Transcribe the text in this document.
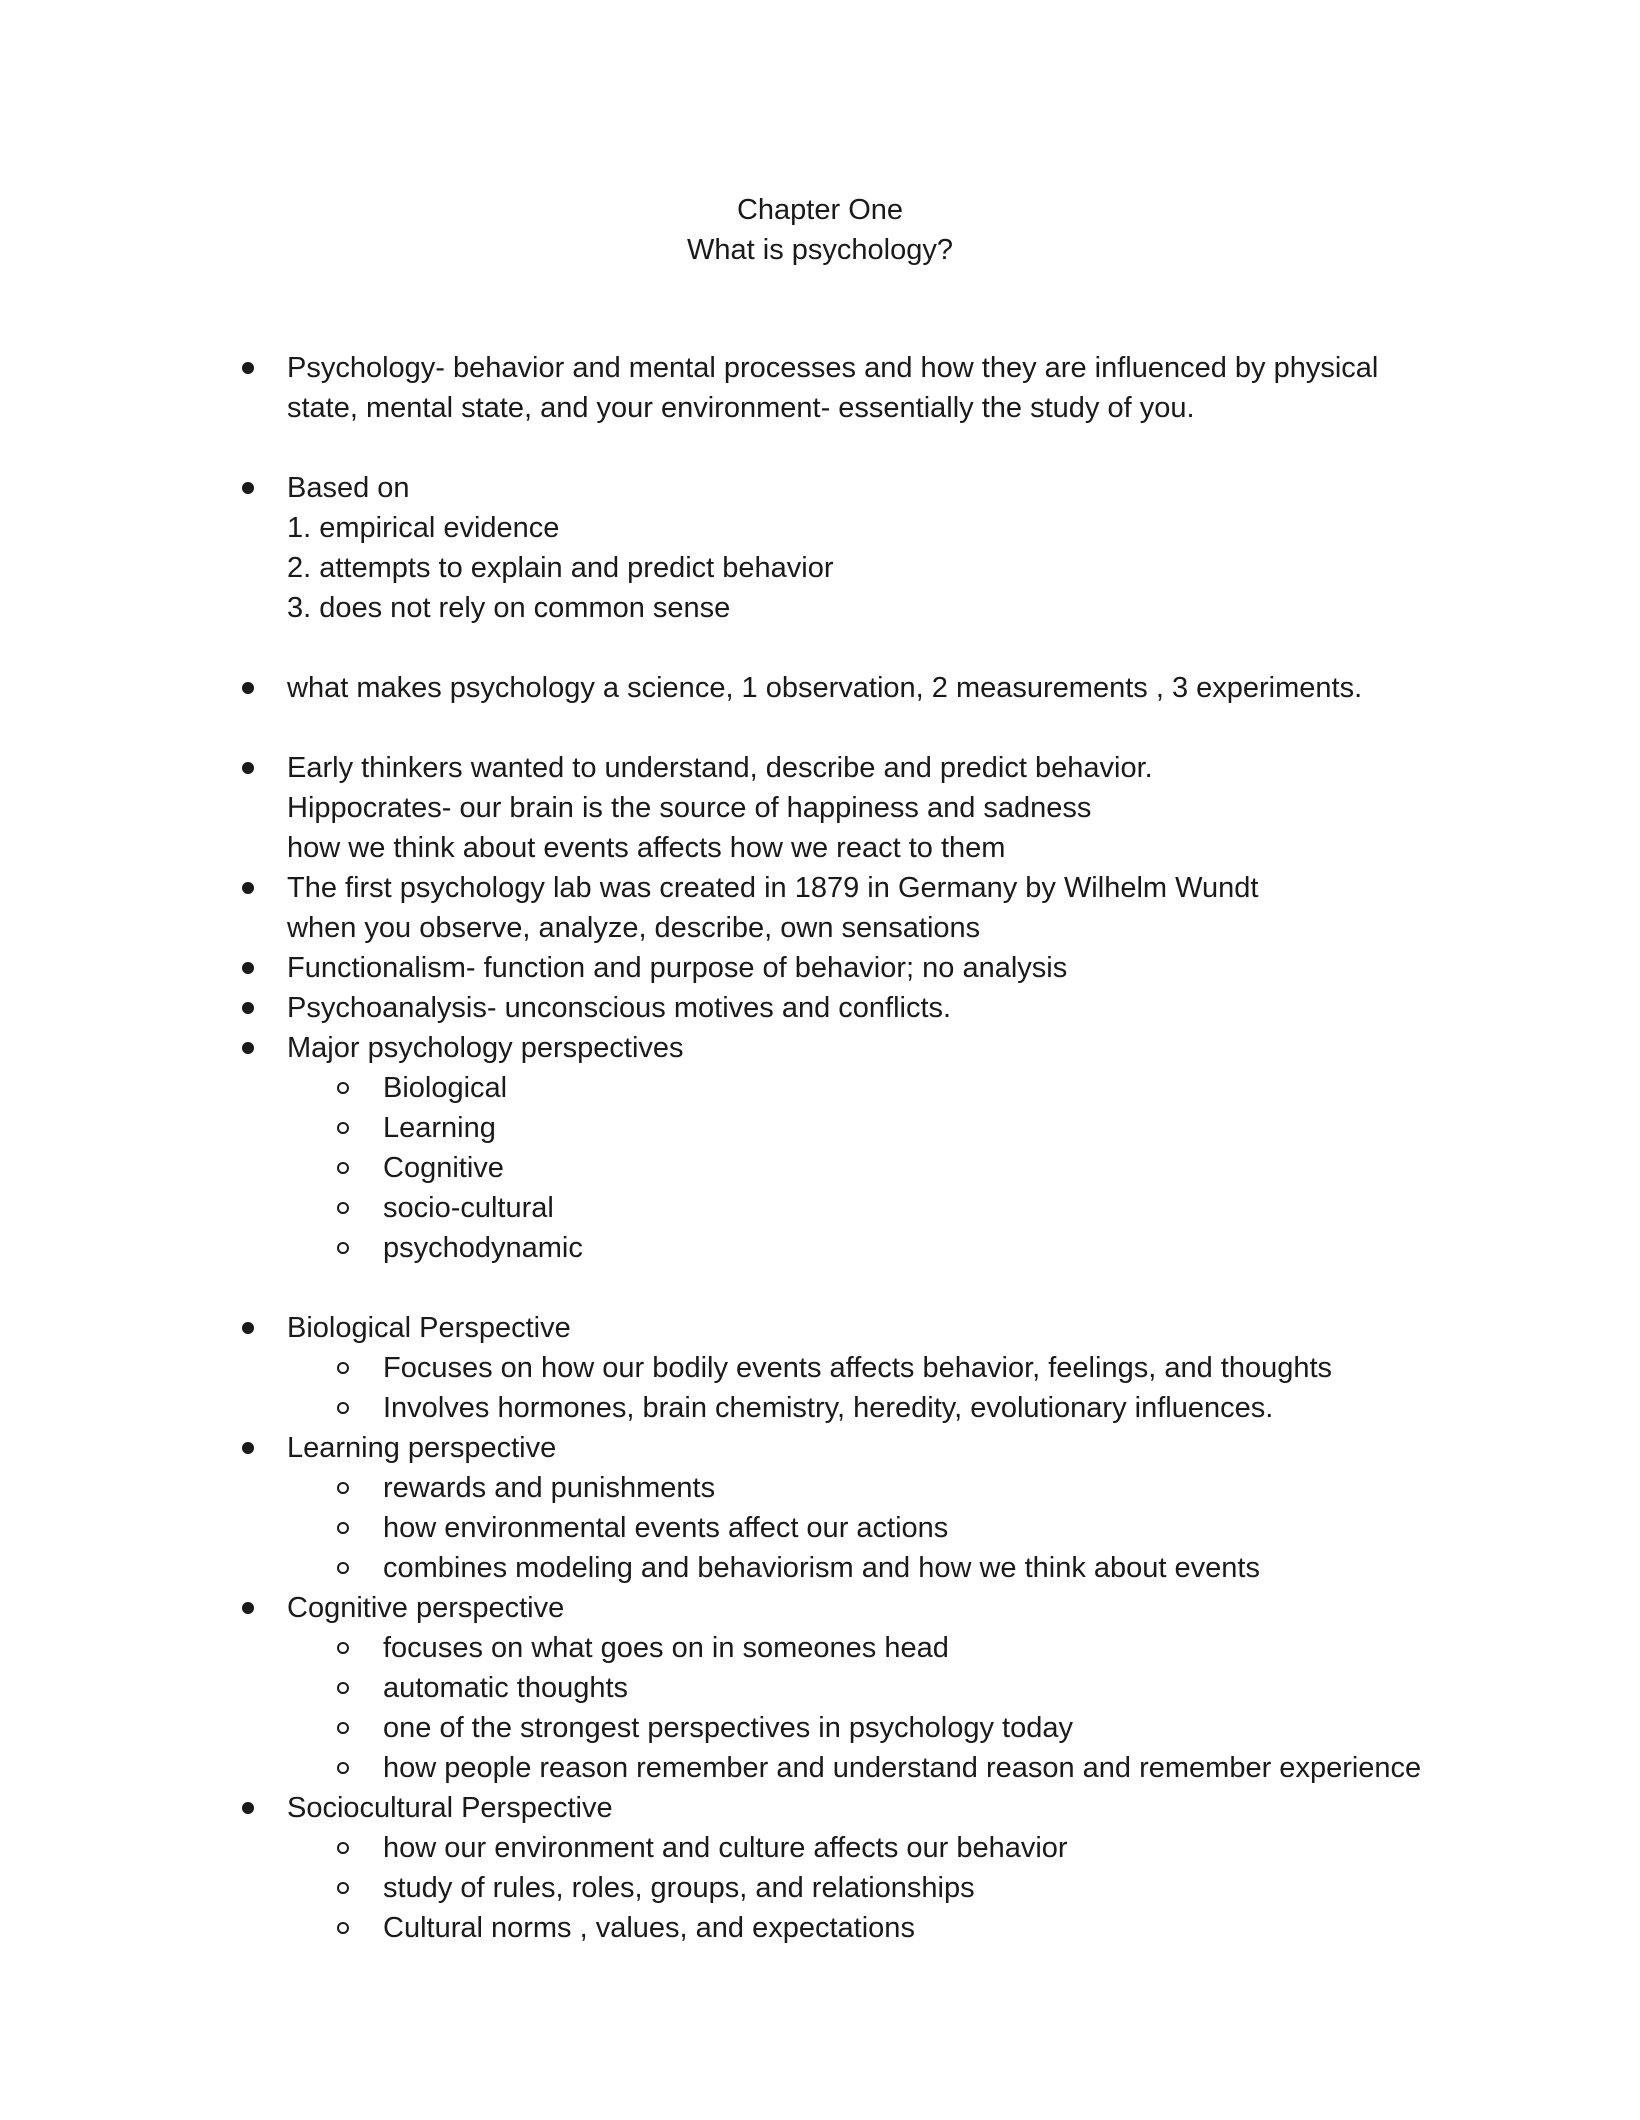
Chapter One
What is psychology?
Psychology- behavior and mental processes and how they are influenced by physical
state, mental state, and your environment- essentially the study of you.
Based on
1. empirical evidence
2. attempts to explain and predict behavior
3. does not rely on common sense
what makes psychology a science, 1 observation, 2 measurements , 3 experiments.
Early thinkers wanted to understand, describe and predict behavior.
Hippocrates- our brain is the source of happiness and sadness
how we think about events affects how we react to them
The first psychology lab was created in 1879 in Germany by Wilhelm Wundt
when you observe, analyze, describe, own sensations
Functionalism- function and purpose of behavior; no analysis
Psychoanalysis- unconscious motives and conflicts.
Major psychology perspectives
Biological
Learning
Cognitive
socio-cultural
psychodynamic
Biological Perspective
Focuses on how our bodily events affects behavior, feelings, and thoughts
Involves hormones, brain chemistry, heredity, evolutionary influences.
Learning perspective
rewards and punishments
how environmental events affect our actions
combines modeling and behaviorism and how we think about events
Cognitive perspective
focuses on what goes on in someones head
automatic thoughts
one of the strongest perspectives in psychology today
how people reason remember and understand reason and remember experience
Sociocultural Perspective
how our environment and culture affects our behavior
study of rules, roles, groups, and relationships
Cultural norms , values, and expectations
